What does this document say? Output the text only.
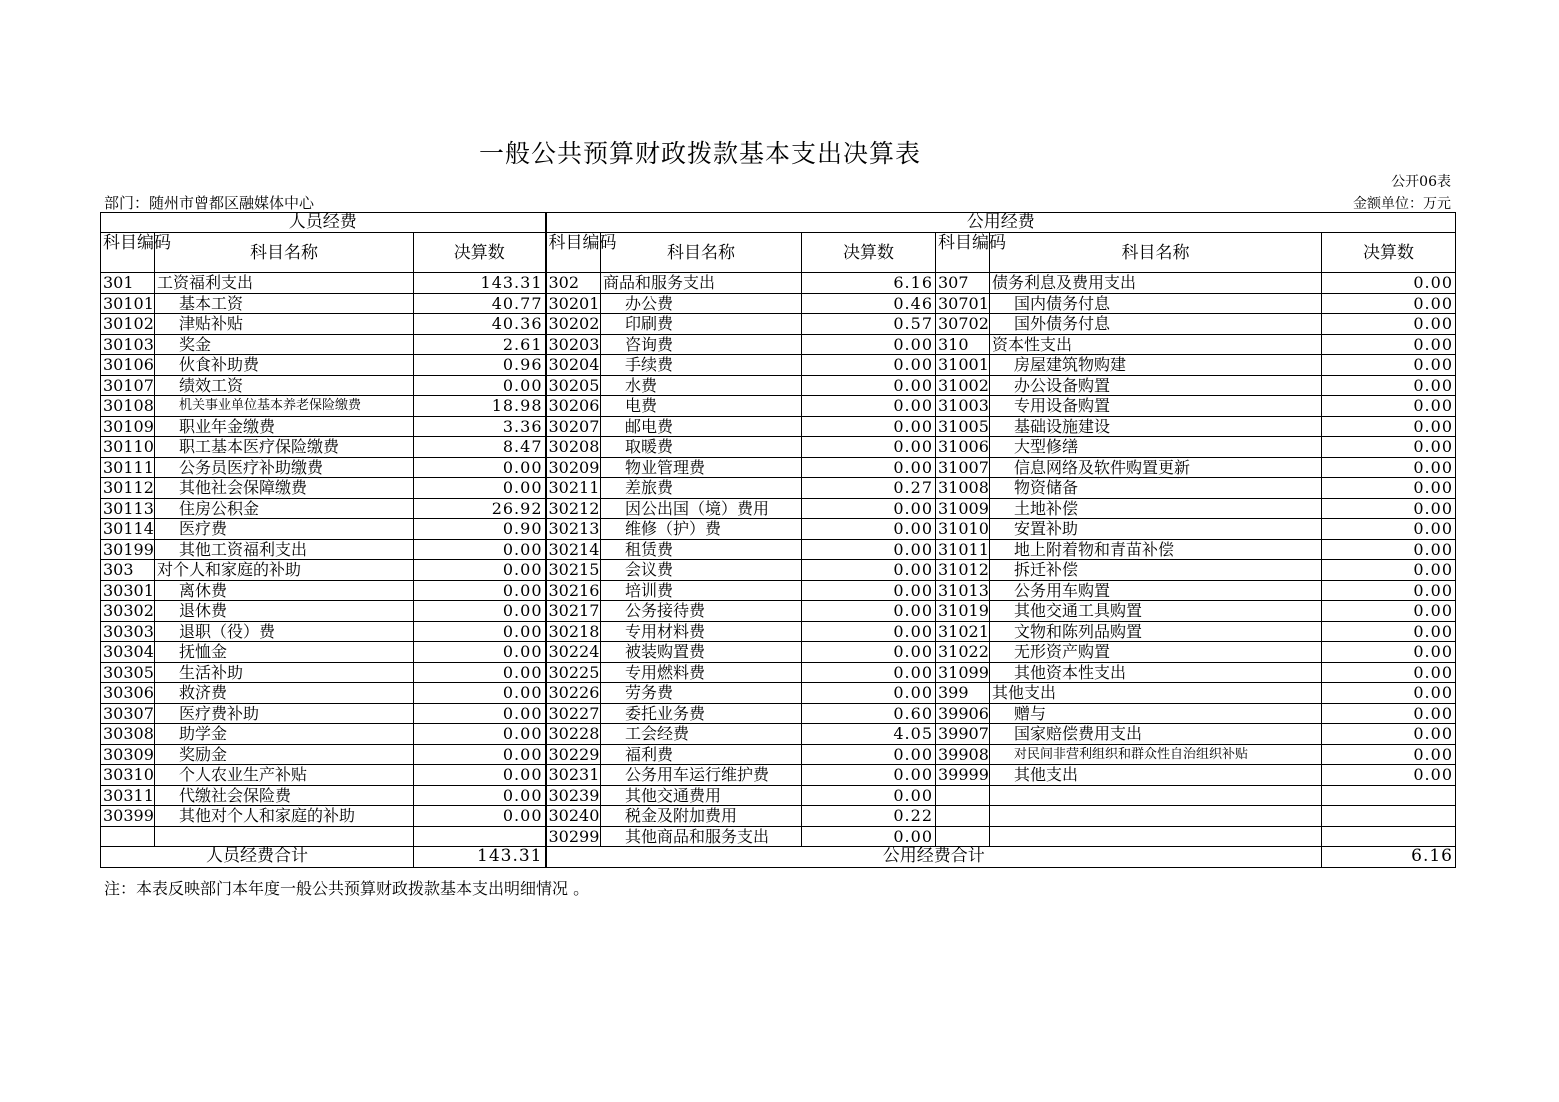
一般公共预算财政拨款基本支出决算表
公开06表
部门：随州市曾都区融媒体中心	金额单位：万元
人员经费			公用经费					
科目编码	科目名称	决算数	科目编码	科目名称	决算数	科目编码	科目名称	决算数
301	工资福利支出	143.31	302	商品和服务支出	6.16	307	债务利息及费用支出	0.00
30101	基本工资	40.77	30201	办公费	0.46	30701	国内债务付息	0.00
30102	津贴补贴	40.36	30202	印刷费	0.57	30702	国外债务付息	0.00
30103	奖金	2.61	30203	咨询费	0.00	310	资本性支出	0.00
30106	伙食补助费	0.96	30204	手续费	0.00	31001	房屋建筑物购建	0.00
30107	绩效工资	0.00	30205	水费	0.00	31002	办公设备购置	0.00
30108	机关事业单位基本养老保险缴费	18.98	30206	电费	0.00	31003	专用设备购置	0.00
30109	职业年金缴费	3.36	30207	邮电费	0.00	31005	基础设施建设	0.00
30110	职工基本医疗保险缴费	8.47	30208	取暖费	0.00	31006	大型修缮	0.00
30111	公务员医疗补助缴费	0.00	30209	物业管理费	0.00	31007	信息网络及软件购置更新	0.00
30112	其他社会保障缴费	0.00	30211	差旅费	0.27	31008	物资储备	0.00
30113	住房公积金	26.92	30212	因公出国（境）费用	0.00	31009	土地补偿	0.00
30114	医疗费	0.90	30213	维修（护）费	0.00	31010	安置补助	0.00
30199	其他工资福利支出	0.00	30214	租赁费	0.00	31011	地上附着物和青苗补偿	0.00
303	对个人和家庭的补助	0.00	30215	会议费	0.00	31012	拆迁补偿	0.00
30301	离休费	0.00	30216	培训费	0.00	31013	公务用车购置	0.00
30302	退休费	0.00	30217	公务接待费	0.00	31019	其他交通工具购置	0.00
30303	退职（役）费	0.00	30218	专用材料费	0.00	31021	文物和陈列品购置	0.00
30304	抚恤金	0.00	30224	被装购置费	0.00	31022	无形资产购置	0.00
30305	生活补助	0.00	30225	专用燃料费	0.00	31099	其他资本性支出	0.00
30306	救济费	0.00	30226	劳务费	0.00	399	其他支出	0.00
30307	医疗费补助	0.00	30227	委托业务费	0.60	39906	赠与	0.00
30308	助学金	0.00	30228	工会经费	4.05	39907	国家赔偿费用支出	0.00
30309	奖励金	0.00	30229	福利费	0.00	39908	对民间非营利组织和群众性自治组织补贴	0.00
30310	个人农业生产补贴	0.00	30231	公务用车运行维护费	0.00	39999	其他支出	0.00
30311	代缴社会保险费	0.00	30239	其他交通费用	0.00			
30399	其他对个人和家庭的补助	0.00	30240	税金及附加费用	0.22			
			30299	其他商品和服务支出	0.00			
人员经费合计		143.31	公用经费合计					6.16
注：本表反映部门本年度一般公共预算财政拨款基本支出明细情况 。
